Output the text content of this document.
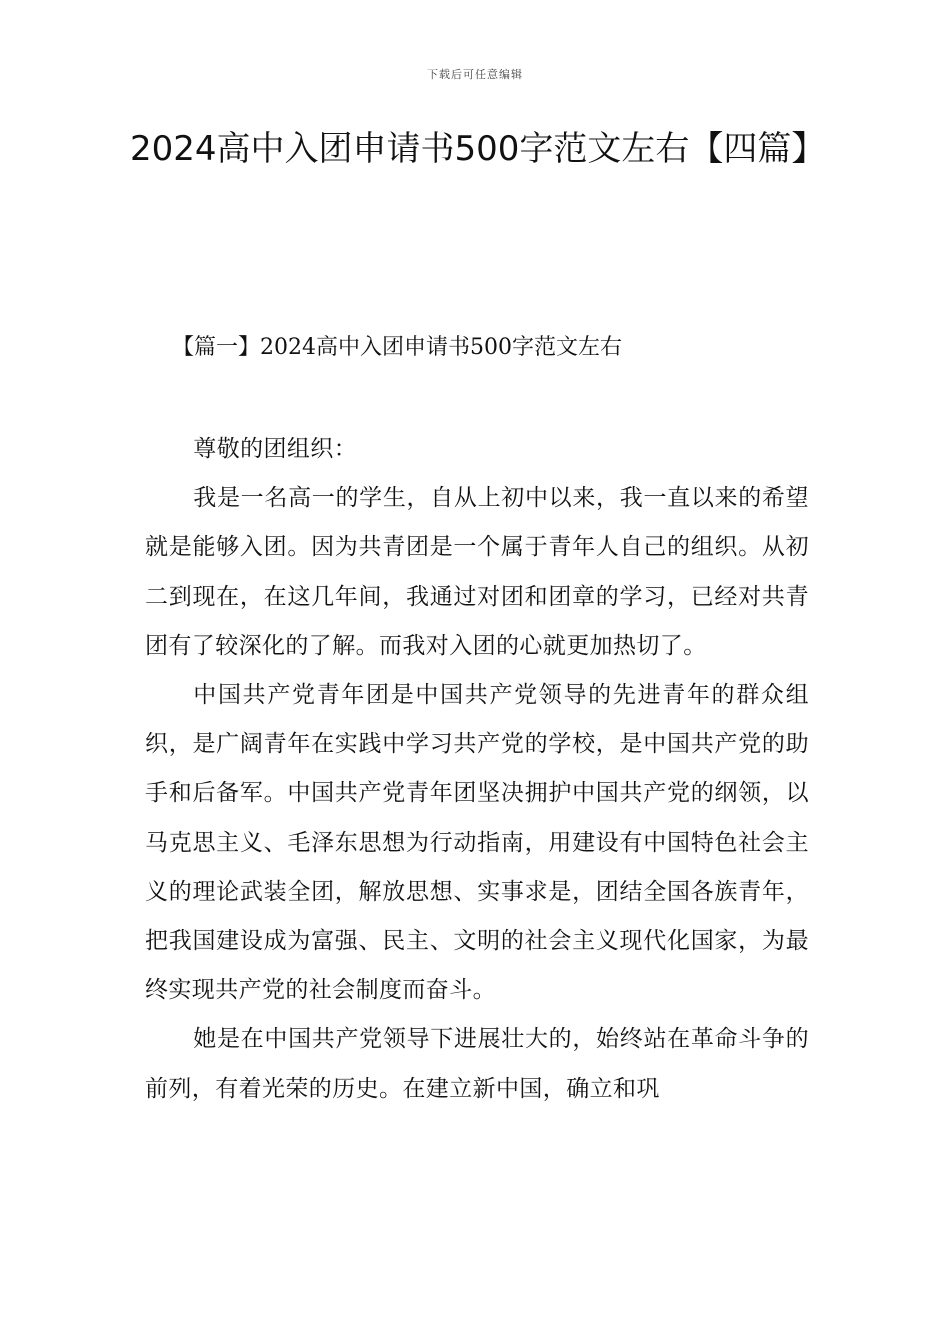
下载后可任意编辑
2024高中入团申请书500字范文左右【四篇】
【篇一】2024高中入团申请书500字范文左右

尊敬的团组织：

我是一名高一的学生，自从上初中以来，我一直以来的希望就是能够入团。因为共青团是一个属于青年人自己的组织。从初二到现在，在这几年间，我通过对团和团章的学习，已经对共青团有了较深化的了解。而我对入团的心就更加热切了。

中国共产党青年团是中国共产党领导的先进青年的群众组织，是广阔青年在实践中学习共产党的学校，是中国共产党的助手和后备军。中国共产党青年团坚决拥护中国共产党的纲领，以马克思主义、毛泽东思想为行动指南，用建设有中国特色社会主义的理论武装全团，解放思想、实事求是，团结全国各族青年，把我国建设成为富强、民主、文明的社会主义现代化国家，为最终实现共产党的社会制度而奋斗。

她是在中国共产党领导下进展壮大的，始终站在革命斗争的前列，有着光荣的历史。在建立新中国，确立和巩
